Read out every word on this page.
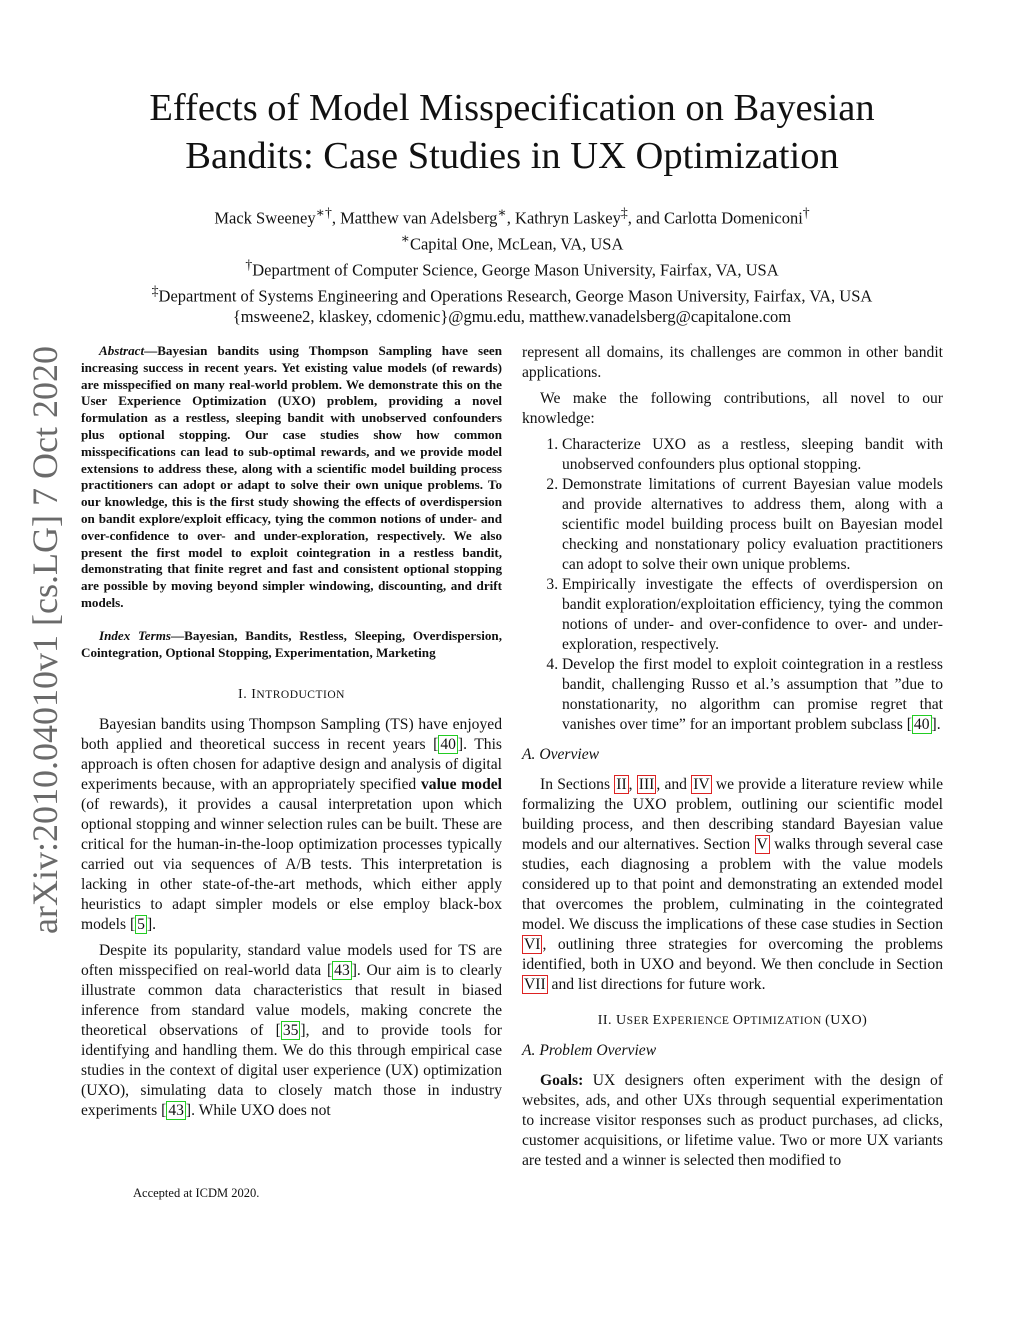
Effects of Model Misspecification on Bayesian
Bandits: Case Studies in UX Optimization
Mack Sweeney∗†, Matthew van Adelsberg∗, Kathryn Laskey‡, and Carlotta Domeniconi†
∗Capital One, McLean, VA, USA
†Department of Computer Science, George Mason University, Fairfax, VA, USA
‡Department of Systems Engineering and Operations Research, George Mason University, Fairfax, VA, USA
{msweene2, klaskey, cdomenic}@gmu.edu, matthew.vanadelsberg@capitalone.com
arXiv:2010.04010v1 [cs.LG] 7 Oct 2020	Abstract—Bayesian bandits using Thompson Sampling have seen increasing success in recent years. Yet existing value models (of rewards) are misspecified on many real-world problem. We demonstrate this on the User Experience Optimization (UXO) problem, providing a novel formulation as a restless, sleeping bandit with unobserved confounders plus optional stopping. Our case studies show how common misspecifications can lead to sub-optimal rewards, and we provide model extensions to address these, along with a scientific model building process practitioners can adopt or adapt to solve their own unique problems. To our knowledge, this is the first study showing the effects of overdispersion on bandit explore/exploit efficacy, tying the common notions of under- and over-confidence to over- and under-exploration, respectively. We also present the first model to exploit cointegration in a restless bandit, demonstrating that finite regret and fast and consistent optional stopping are possible by moving beyond simpler windowing, discounting, and drift models.

Index Terms—Bayesian, Bandits, Restless, Sleeping, Overdispersion, Cointegration, Optional Stopping, Experimentation, Marketing

I. INTRODUCTION

Bayesian bandits using Thompson Sampling (TS) have enjoyed both applied and theoretical success in recent years [ 40 ]. This approach is often chosen for adaptive design and analysis of digital experiments because, with an appropriately specified value model (of rewards), it provides a causal interpretation upon which optional stopping and winner selection rules can be built. These are critical for the human-in-the-loop optimization processes typically carried out via sequences of A/B tests. This interpretation is lacking in other state-of-the-art methods, which either apply heuristics to adapt simpler models or else employ black-box models [ 5 ].

Despite its popularity, standard value models used for TS are often misspecified on real-world data [ 43 ]. Our aim is to clearly illustrate common data characteristics that result in biased inference from standard value models, making concrete the theoretical observations of [ 35 ], and to provide tools for identifying and handling them. We do this through empirical case studies in the context of digital user experience (UX) optimization (UXO), simulating data to closely match those in industry experiments [ 43 ]. While UXO does not

Accepted at ICDM 2020.

represent all domains, its challenges are common in other bandit applications.

We make the following contributions, all novel to our knowledge:

1. Characterize UXO as a restless, sleeping bandit with unobserved confounders plus optional stopping.
2. Demonstrate limitations of current Bayesian value models and provide alternatives to address them, along with a scientific model building process built on Bayesian model checking and nonstationary policy evaluation practitioners can adopt to solve their own unique problems.
3. Empirically investigate the effects of overdispersion on bandit exploration/exploitation efficiency, tying the common notions of under- and over-confidence to over- and under-exploration, respectively.
4. Develop the first model to exploit cointegration in a restless bandit, challenging Russo et al.’s assumption that ”due to nonstationarity, no algorithm can promise regret that vanishes over time” for an important problem subclass [ 40 ].
A. Overview

In Sections II , III , and IV we provide a literature review while formalizing the UXO problem, outlining our scientific model building process, and then describing standard Bayesian value models and our alternatives. Section V walks through several case studies, each diagnosing a problem with the value models considered up to that point and demonstrating an extended model that overcomes the problem, culminating in the cointegrated model. We discuss the implications of these case studies in Section VI , outlining three strategies for overcoming the problems identified, both in UXO and beyond. We then conclude in Section VII and list directions for future work.

II. USER EXPERIENCE OPTIMIZATION (UXO)
A. Problem Overview

Goals: UX designers often experiment with the design of websites, ads, and other UXs through sequential experimentation to increase visitor responses such as product purchases, ad clicks, customer acquisitions, or lifetime value. Two or more UX variants are tested and a winner is selected then modified to
